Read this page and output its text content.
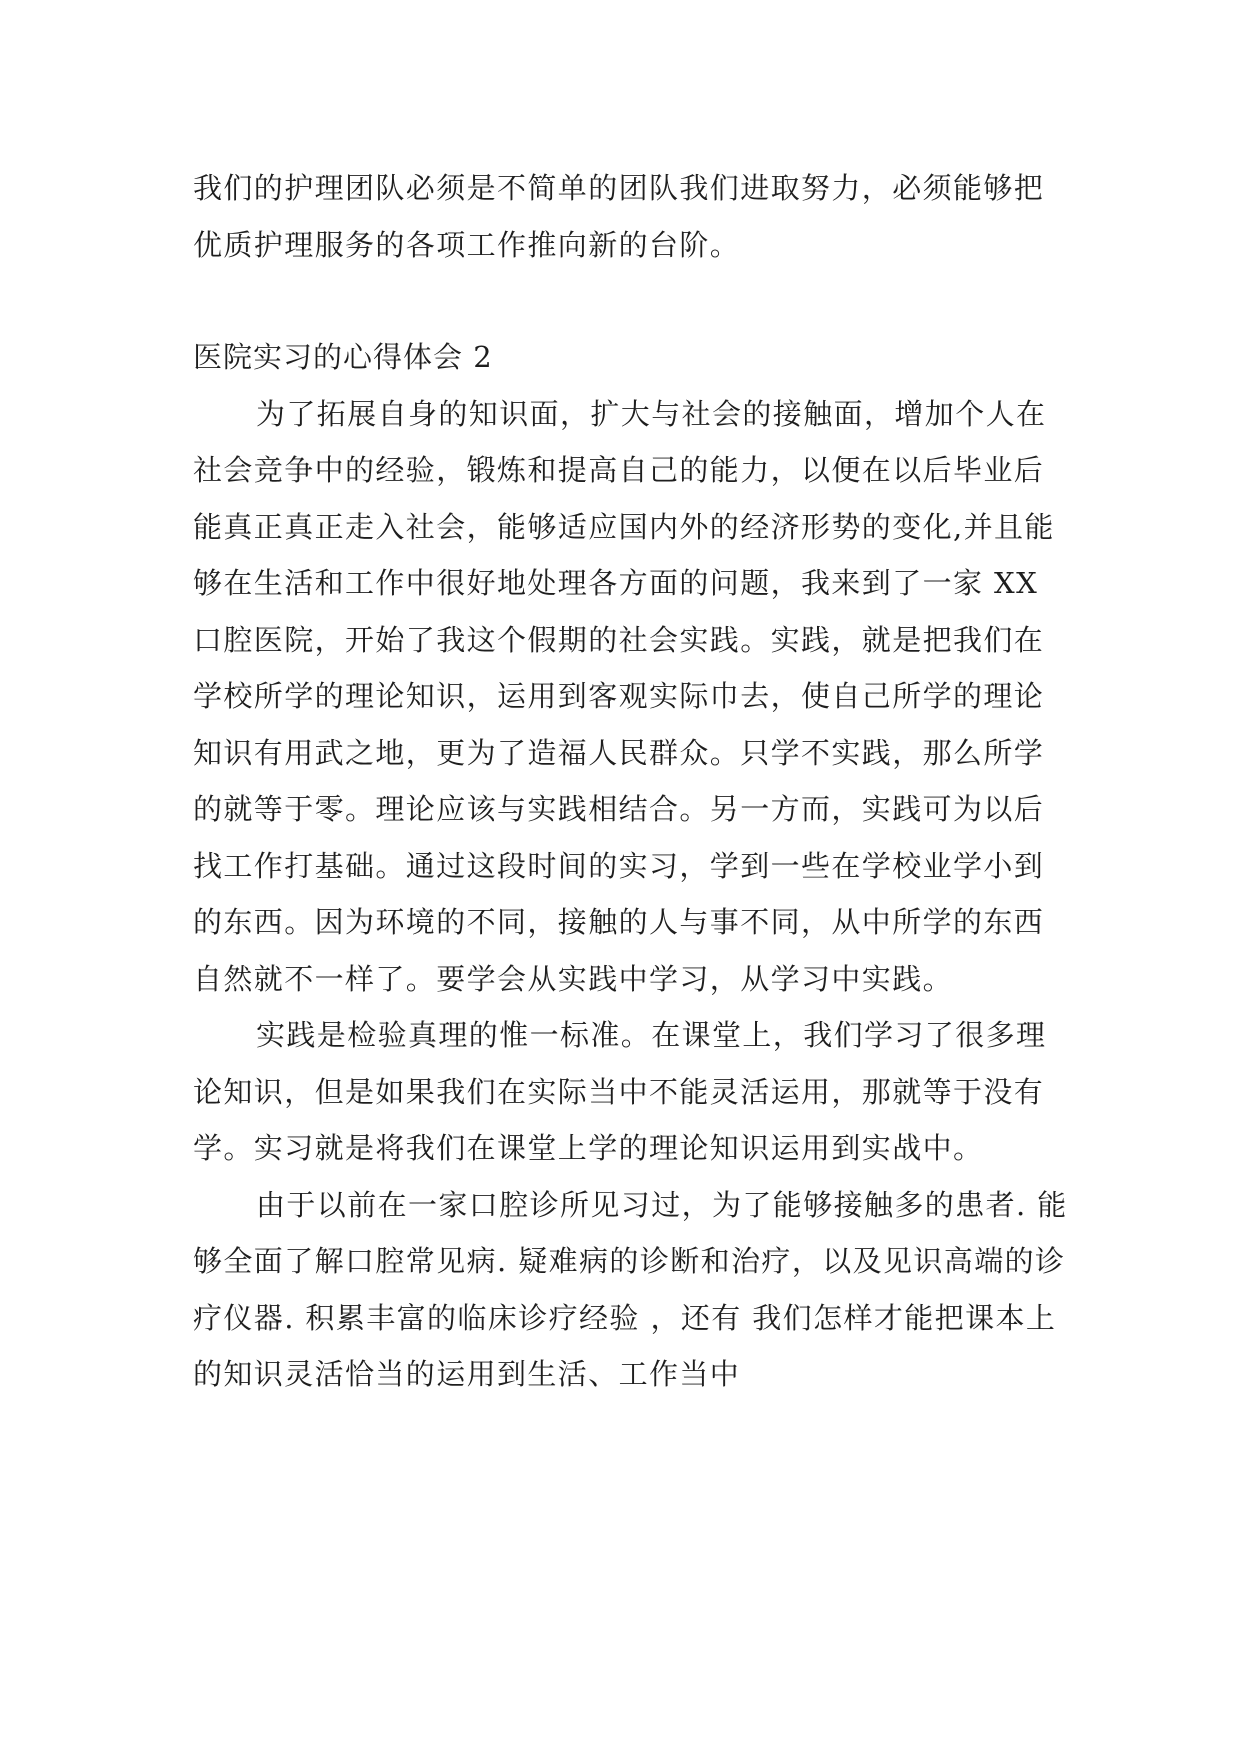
我们的护理团队必须是不简单的团队我们进取努力，必须能够把优质护理服务的各项工作推向新的台阶。

医院实习的心得体会 2

为了拓展自身的知识面，扩大与社会的接触面，增加个人在社会竞争中的经验，锻炼和提高自己的能力，以便在以后毕业后能真正真正走入社会，能够适应国内外的经济形势的变化,并且能够在生活和工作中很好地处理各方面的问题，我来到了一家 XX 口腔医院，开始了我这个假期的社会实践。实践，就是把我们在学校所学的理论知识，运用到客观实际巾去，使自己所学的理论知识有用武之地，更为了造福人民群众。只学不实践，那么所学的就等于零。理论应该与实践相结合。另一方而，实践可为以后找工作打基础。通过这段时间的实习，学到一些在学校业学小到的东西。因为环境的不同，接触的人与事不同，从中所学的东西自然就不一样了。要学会从实践中学习，从学习中实践。

实践是检验真理的惟一标准。在课堂上，我们学习了很多理论知识，但是如果我们在实际当中不能灵活运用，那就等于没有学。实习就是将我们在课堂上学的理论知识运用到实战中。

由于以前在一家口腔诊所见习过，为了能够接触多的患者. 能够全面了解口腔常见病. 疑难病的诊断和治疗，以及见识高端的诊疗仪器. 积累丰富的临床诊疗经验 ，还有 我们怎样才能把课本上的知识灵活恰当的运用到生活、工作当中
